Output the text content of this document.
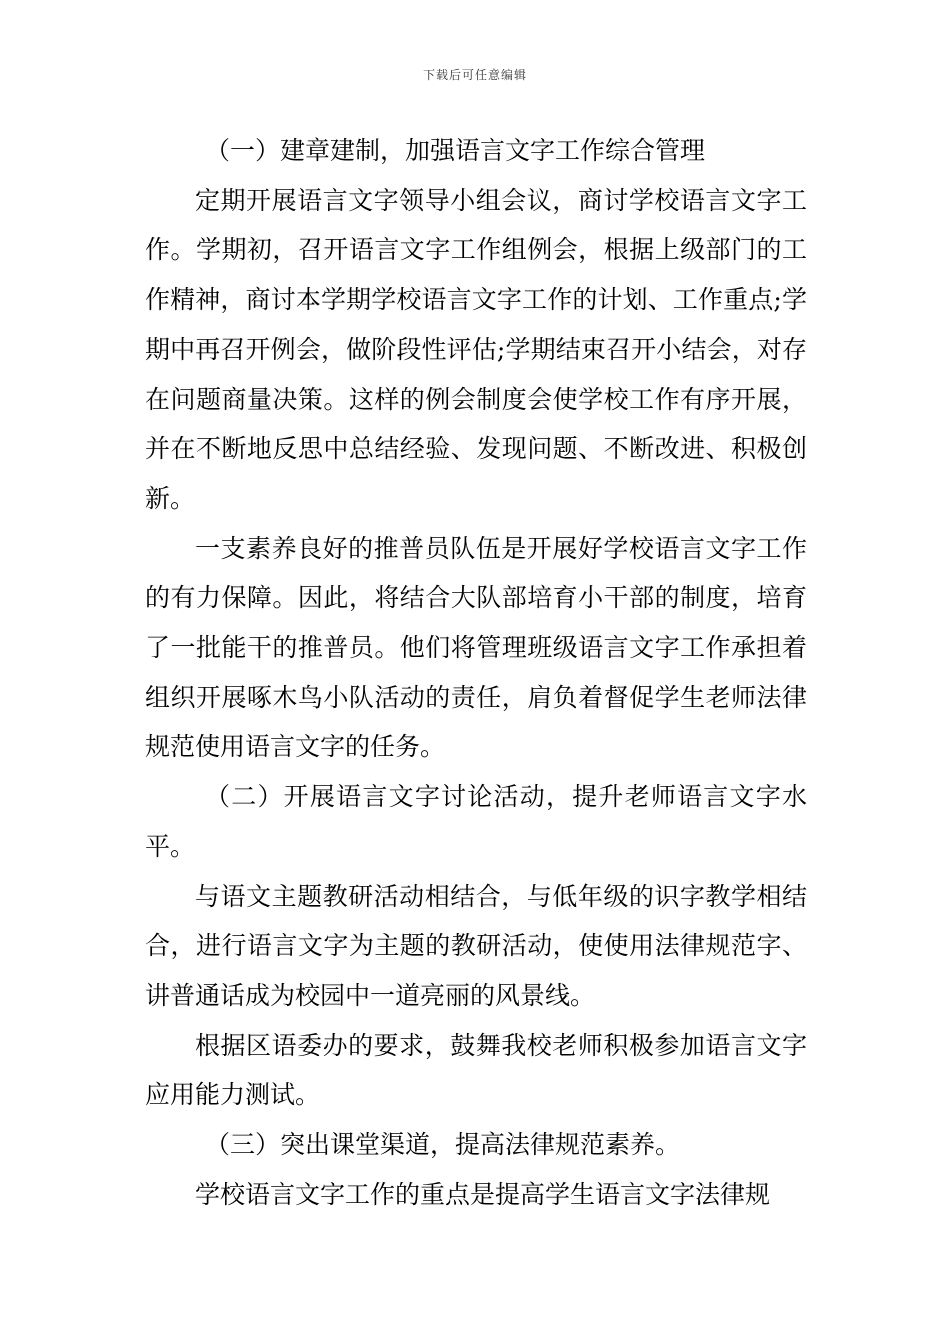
下载后可任意编辑

（一）建章建制，加强语言文字工作综合管理

定期开展语言文字领导小组会议，商讨学校语言文字工作。学期初，召开语言文字工作组例会，根据上级部门的工作精神，商讨本学期学校语言文字工作的计划、工作重点;学期中再召开例会，做阶段性评估;学期结束召开小结会，对存在问题商量决策。这样的例会制度会使学校工作有序开展，并在不断地反思中总结经验、发现问题、不断改进、积极创新。

一支素养良好的推普员队伍是开展好学校语言文字工作的有力保障。因此，将结合大队部培育小干部的制度，培育了一批能干的推普员。他们将管理班级语言文字工作承担着组织开展啄木鸟小队活动的责任，肩负着督促学生老师法律规范使用语言文字的任务。

（二）开展语言文字讨论活动，提升老师语言文字水平。

与语文主题教研活动相结合，与低年级的识字教学相结合，进行语言文字为主题的教研活动，使使用法律规范字、讲普通话成为校园中一道亮丽的风景线。

根据区语委办的要求，鼓舞我校老师积极参加语言文字应用能力测试。

（三）突出课堂渠道，提高法律规范素养。

学校语言文字工作的重点是提高学生语言文字法律规
